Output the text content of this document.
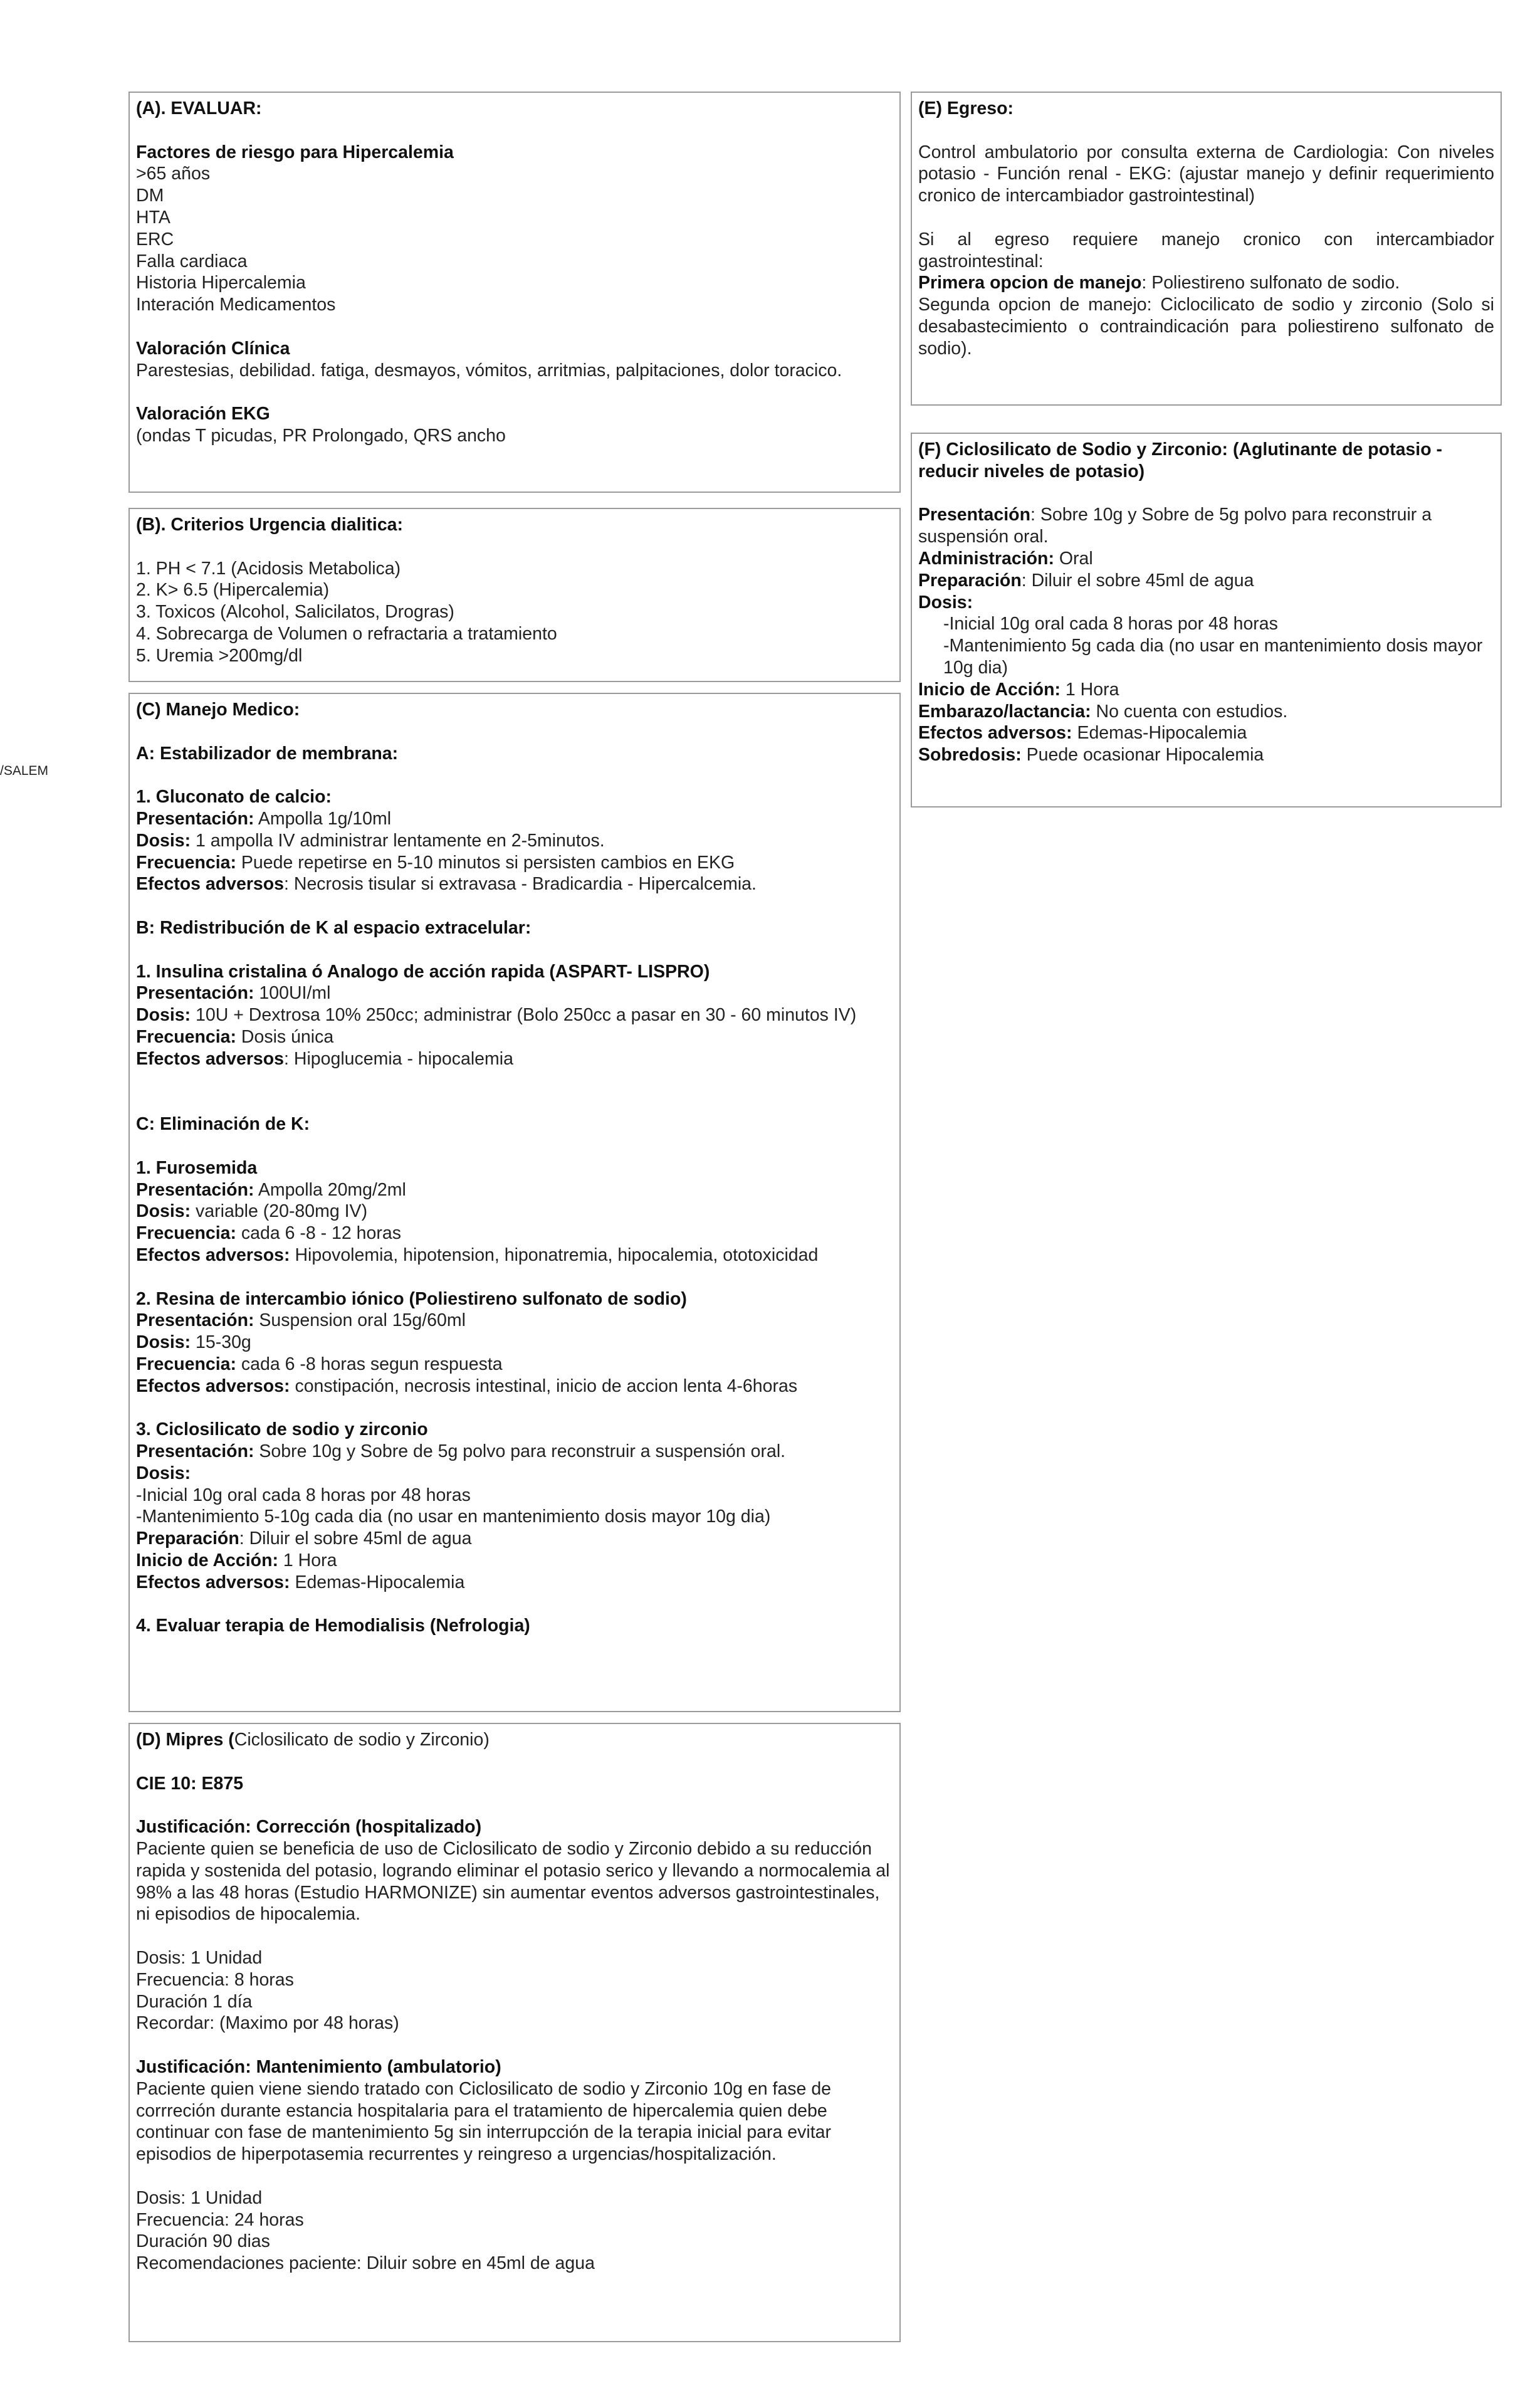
/SALEM

(A). EVALUAR:

Factores de riesgo para Hipercalemia

>65 años

DM

HTA

ERC

Falla cardiaca

Historia Hipercalemia

Interación Medicamentos

Valoración Clínica

Parestesias, debilidad. fatiga, desmayos, vómitos, arritmias, palpitaciones, dolor toracico.

Valoración EKG

(ondas T picudas, PR Prolongado, QRS ancho

(B). Criterios Urgencia dialitica:

1. PH < 7.1 (Acidosis Metabolica)

2. K> 6.5 (Hipercalemia)

3. Toxicos (Alcohol, Salicilatos, Drogras)

4. Sobrecarga de Volumen o refractaria a tratamiento

5. Uremia >200mg/dl

(C) Manejo Medico:

A: Estabilizador de membrana:

1. Gluconato de calcio:

Presentación: Ampolla 1g/10ml

Dosis: 1 ampolla IV administrar lentamente en 2-5minutos.

Frecuencia: Puede repetirse en 5-10 minutos si persisten cambios en EKG

Efectos adversos: Necrosis tisular si extravasa - Bradicardia - Hipercalcemia.

B: Redistribución de K al espacio extracelular:

1. Insulina cristalina ó Analogo de acción rapida (ASPART- LISPRO)

Presentación: 100UI/ml

Dosis: 10U + Dextrosa 10% 250cc; administrar (Bolo 250cc a pasar en 30 - 60 minutos IV)

Frecuencia: Dosis única

Efectos adversos: Hipoglucemia - hipocalemia

C: Eliminación de K:

1. Furosemida

Presentación: Ampolla 20mg/2ml

Dosis: variable (20-80mg IV)

Frecuencia: cada 6 -8 - 12 horas

Efectos adversos: Hipovolemia, hipotension, hiponatremia, hipocalemia, ototoxicidad

2. Resina de intercambio iónico (Poliestireno sulfonato de sodio)

Presentación: Suspension oral 15g/60ml

Dosis: 15-30g

Frecuencia: cada 6 -8 horas segun respuesta

Efectos adversos: constipación, necrosis intestinal, inicio de accion lenta 4-6horas

3. Ciclosilicato de sodio y zirconio

Presentación: Sobre 10g y Sobre de 5g polvo para reconstruir a suspensión oral.

Dosis:

-Inicial 10g oral cada 8 horas por 48 horas

-Mantenimiento 5-10g cada dia (no usar en mantenimiento dosis mayor 10g dia)

Preparación: Diluir el sobre 45ml de agua

Inicio de Acción: 1 Hora

Efectos adversos: Edemas-Hipocalemia

4. Evaluar terapia de Hemodialisis (Nefrologia)

(D) Mipres (Ciclosilicato de sodio y Zirconio)

CIE 10: E875

Justificación: Corrección (hospitalizado)

Paciente quien se beneficia de uso de Ciclosilicato de sodio y Zirconio debido a su reducción rapida y sostenida del potasio, logrando eliminar el potasio serico y llevando a normocalemia al 98% a las 48 horas (Estudio HARMONIZE) sin aumentar eventos adversos gastrointestinales, ni episodios de hipocalemia.

Dosis: 1 Unidad

Frecuencia: 8 horas

Duración 1 día

Recordar: (Maximo por 48 horas)

Justificación: Mantenimiento (ambulatorio)

Paciente quien viene siendo tratado con Ciclosilicato de sodio y Zirconio 10g en fase de corrreción durante estancia hospitalaria para el tratamiento de hipercalemia quien debe continuar con fase de mantenimiento 5g sin interrupcción de la terapia inicial para evitar episodios de hiperpotasemia recurrentes y reingreso a urgencias/hospitalización.

Dosis: 1 Unidad

Frecuencia: 24 horas

Duración 90 dias

Recomendaciones paciente: Diluir sobre en 45ml de agua

(E) Egreso:

Control ambulatorio por consulta externa de Cardiologia: Con niveles potasio - Función renal - EKG: (ajustar manejo y definir requerimiento cronico de intercambiador gastrointestinal)

Si al egreso requiere manejo cronico con intercambiador gastrointestinal:

Primera opcion de manejo: Poliestireno sulfonato de sodio.

Segunda opcion de manejo: Ciclocilicato de sodio y zirconio (Solo si desabastecimiento o contraindicación para poliestireno sulfonato de sodio).

(F) Ciclosilicato de Sodio y Zirconio: (Aglutinante de potasio - reducir niveles de potasio)

Presentación: Sobre 10g y Sobre de 5g polvo para reconstruir a suspensión oral.

Administración: Oral

Preparación: Diluir el sobre 45ml de agua

Dosis:

-Inicial 10g oral cada 8 horas por 48 horas

-Mantenimiento 5g cada dia (no usar en mantenimiento dosis mayor 10g dia)

Inicio de Acción: 1 Hora

Embarazo/lactancia: No cuenta con estudios.

Efectos adversos: Edemas-Hipocalemia

Sobredosis: Puede ocasionar Hipocalemia
